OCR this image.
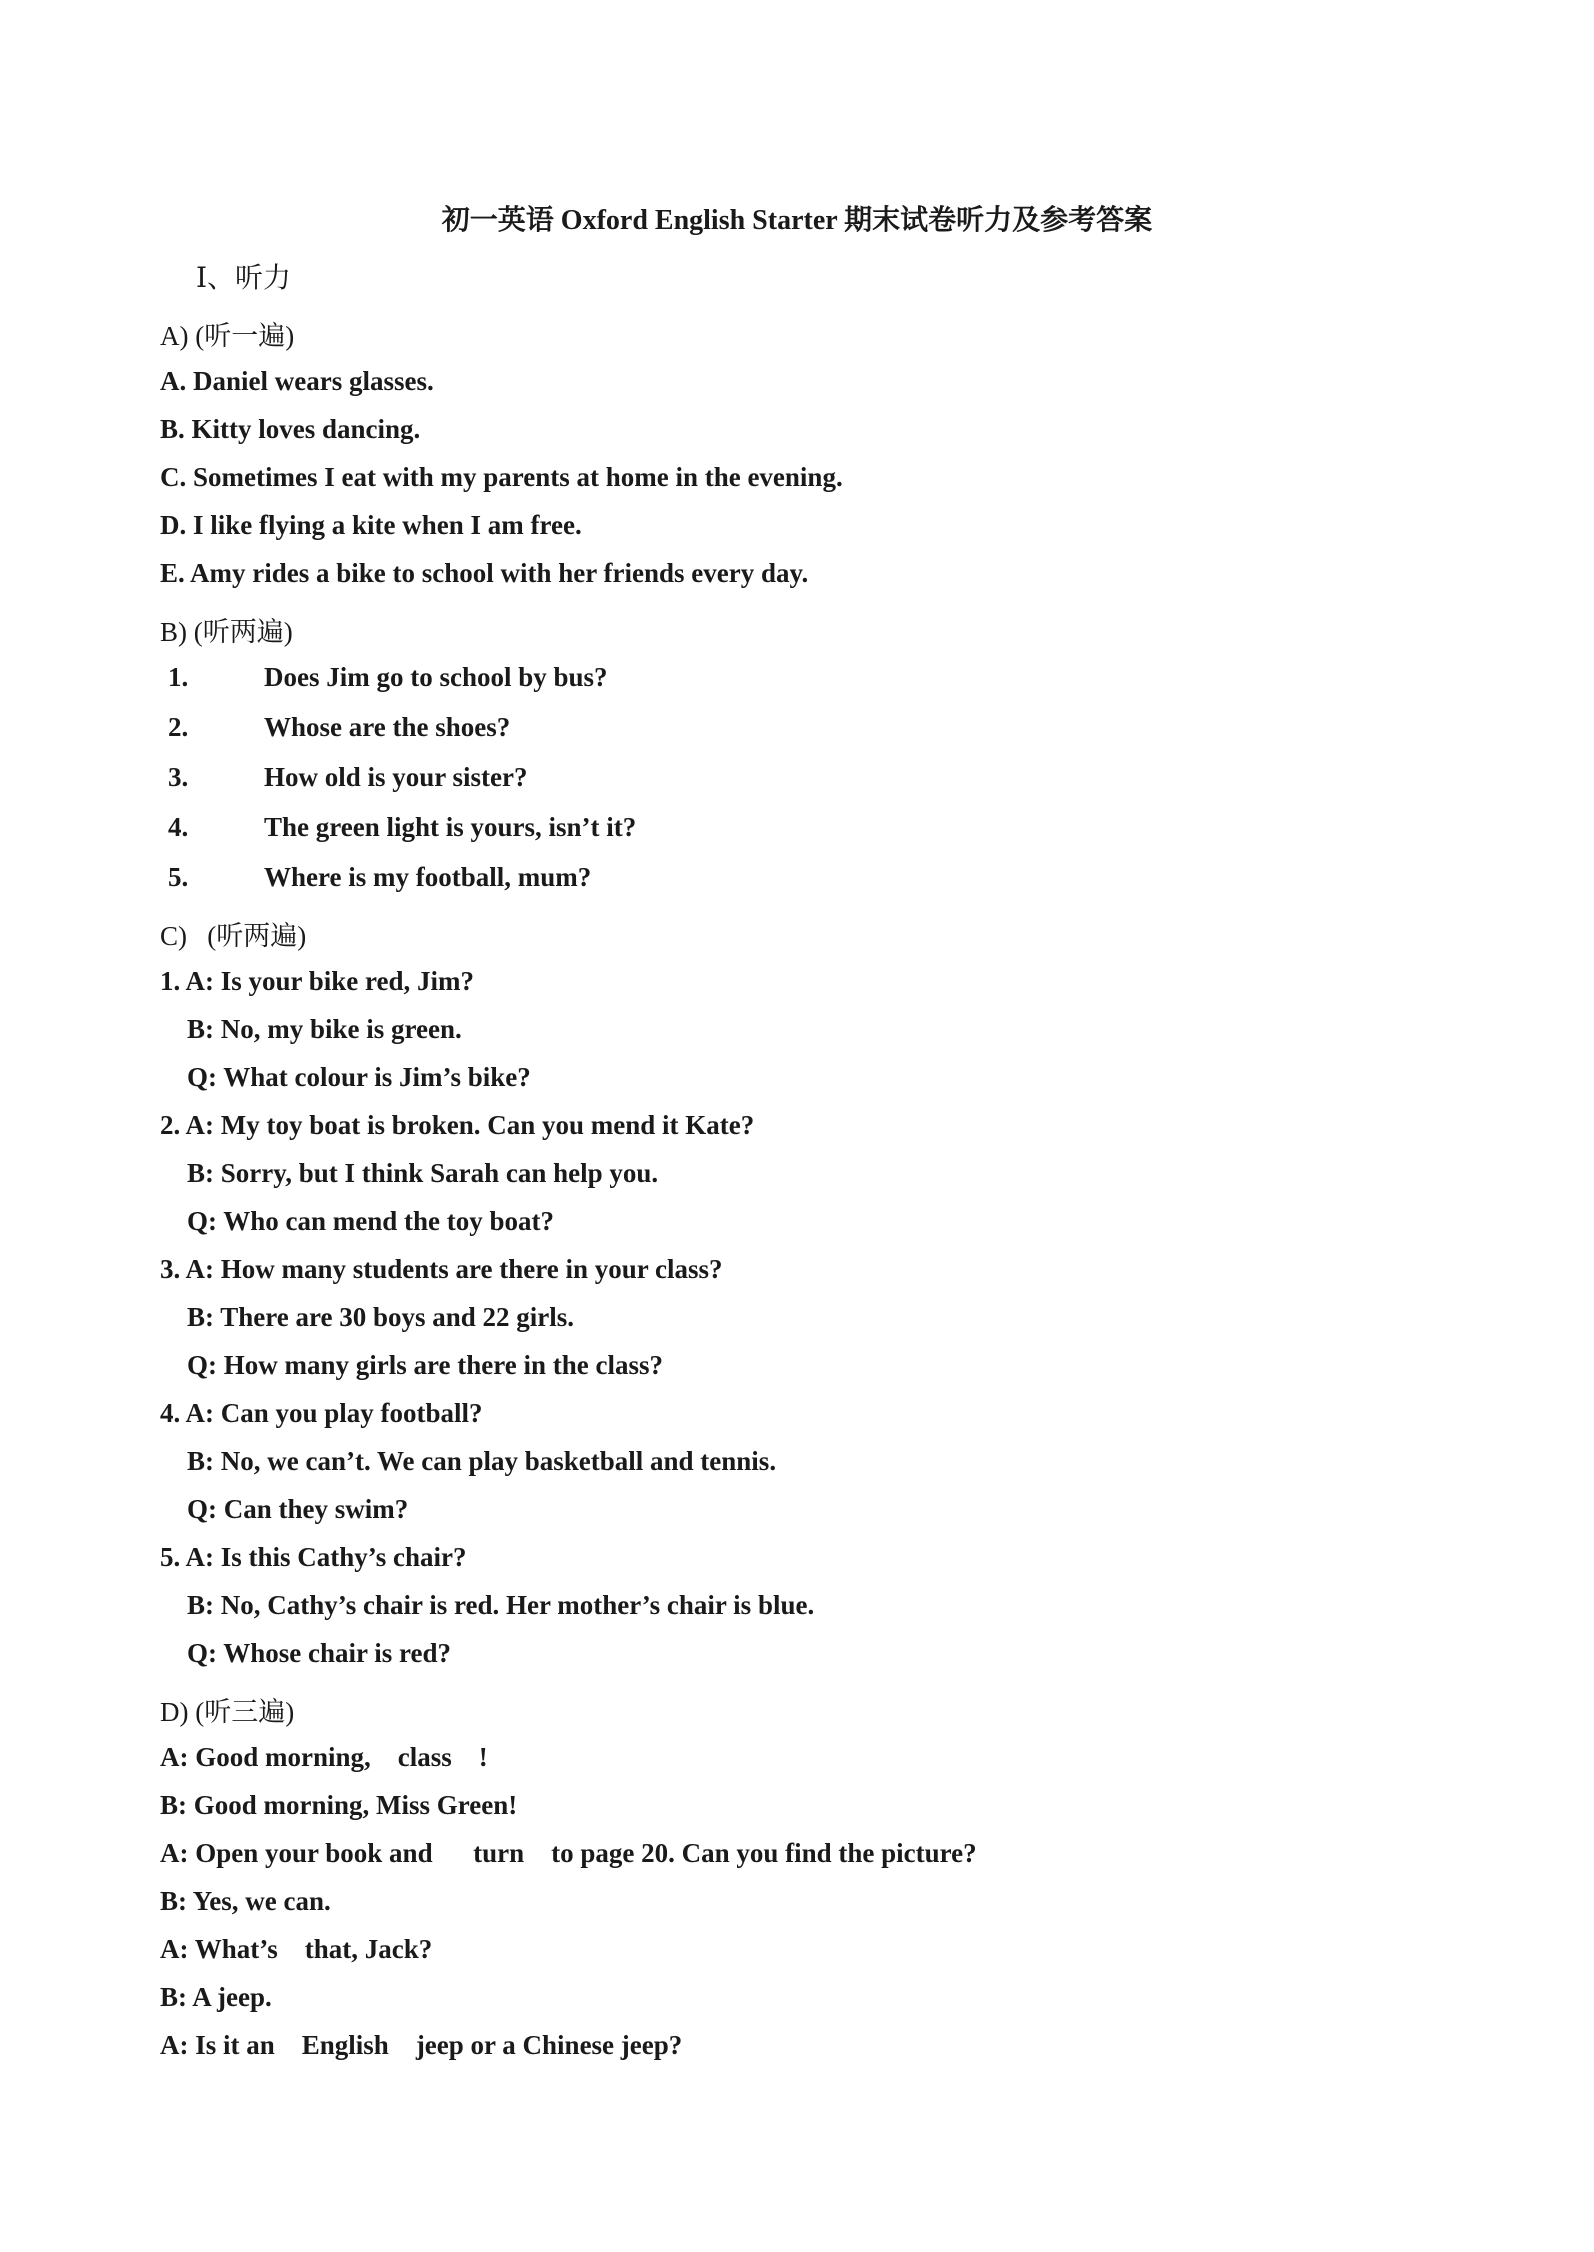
初一英语 Oxford English Starter 期末试卷听力及参考答案
Ⅰ、听力
A) (听一遍)
A. Daniel wears glasses.
B. Kitty loves dancing.
C. Sometimes I eat with my parents at home in the evening.
D. I like flying a kite when I am free.
E. Amy rides a bike to school with her friends every day.
B) (听两遍)
1.	Does Jim go to school by bus?
2.	Whose are the shoes?
3.	How old is your sister?
4.	The green light is yours, isn’t it?
5.	Where is my football, mum?
C)   (听两遍)
1. A: Is your bike red, Jim?
B: No, my bike is green.
Q: What colour is Jim’s bike?
2. A: My toy boat is broken. Can you mend it Kate?
B: Sorry, but I think Sarah can help you.
Q: Who can mend the toy boat?
3. A: How many students are there in your class?
B: There are 30 boys and 22 girls.
Q: How many girls are there in the class?
4. A: Can you play football?
B: No, we can’t. We can play basketball and tennis.
Q: Can they swim?
5. A: Is this Cathy’s chair?
B: No, Cathy’s chair is red. Her mother’s chair is blue.
Q: Whose chair is red?
D) (听三遍)
A: Good morning,    class    !
B: Good morning, Miss Green!
A: Open your book and      turn    to page 20. Can you find the picture?
B: Yes, we can.
A: What’s    that, Jack?
B: A jeep.
A: Is it an    English    jeep or a Chinese jeep?
